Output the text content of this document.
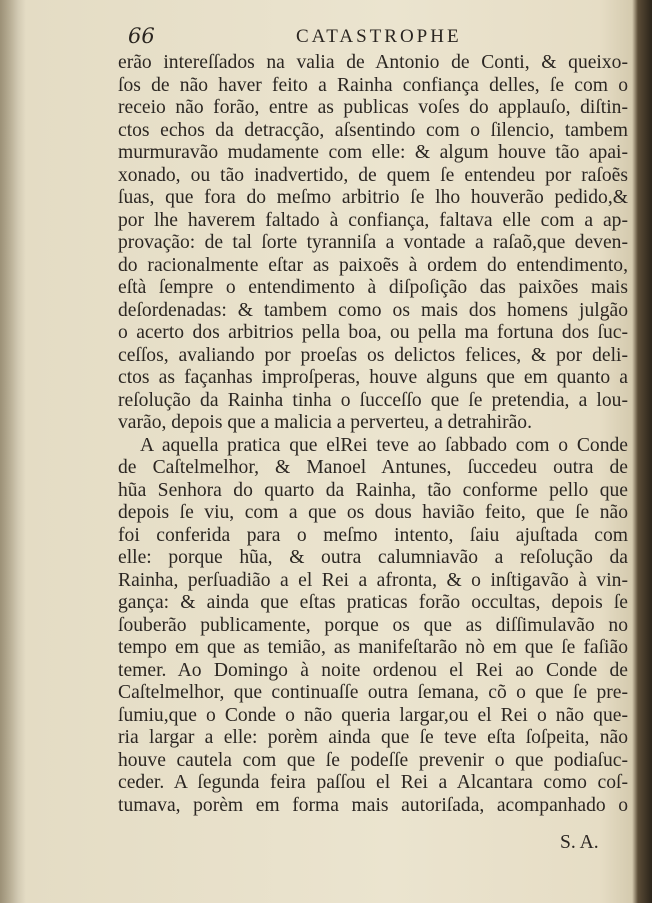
66	CATASTROPHE
erão intereſſados na valia de Antonio de Conti, & queixo-
ſos de não haver feito a Rainha confiança delles, ſe com o
receio não forão, entre as publicas voſes do applauſo, diſtin-
ctos echos da detracção, aſsentindo com o ſilencio, tambem
murmuravão mudamente com elle: & algum houve tão apai-
xonado, ou tão inadvertido, de quem ſe entendeu por raſoẽs
ſuas, que fora do meſmo arbitrio ſe lho houverão pedido,&
por lhe haverem faltado à confiança, faltava elle com a ap-
provação: de tal ſorte tyranniſa a vontade a raſaõ,que deven-
do racionalmente eſtar as paixoẽs à ordem do entendimento,
eſtà ſempre o entendimento à diſpoſição das paixões mais
deſordenadas: & tambem como os mais dos homens julgão
o acerto dos arbitrios pella boa, ou pella ma fortuna dos ſuc-
ceſſos, avaliando por proeſas os delictos felices, & por deli-
ctos as façanhas improſperas, houve alguns que em quanto a
reſolução da Rainha tinha o ſucceſſo que ſe pretendia, a lou-
varão, depois que a malicia a perverteu, a detrahirão.
A aquella pratica que elRei teve ao ſabbado com o Conde
de Caſtelmelhor, & Manoel Antunes, ſuccedeu outra de
hũa Senhora do quarto da Rainha, tão conforme pello que
depois ſe viu, com a que os dous havião feito, que ſe não
foi conferida para o meſmo intento, ſaiu ajuſtada com
elle: porque hũa, & outra calumniavão a reſolução da
Rainha, perſuadião a el Rei a afronta, & o inſtigavão à vin-
gança: & ainda que eſtas praticas forão occultas, depois ſe
ſouberão publicamente, porque os que as diſſimulavão no
tempo em que as temião, as manifeſtarão nò em que ſe faſião
temer. Ao Domingo à noite ordenou el Rei ao Conde de
Caſtelmelhor, que continuaſſe outra ſemana, cõ o que ſe pre-
ſumiu,que o Conde o não queria largar,ou el Rei o não que-
ria largar a elle: porèm ainda que ſe teve eſta ſoſpeita, não
houve cautela com que ſe podeſſe prevenir o que podiaſuc-
ceder. A ſegunda feira paſſou el Rei a Alcantara como coſ-
tumava, porèm em forma mais autoriſada, acompanhado o
S. A.
